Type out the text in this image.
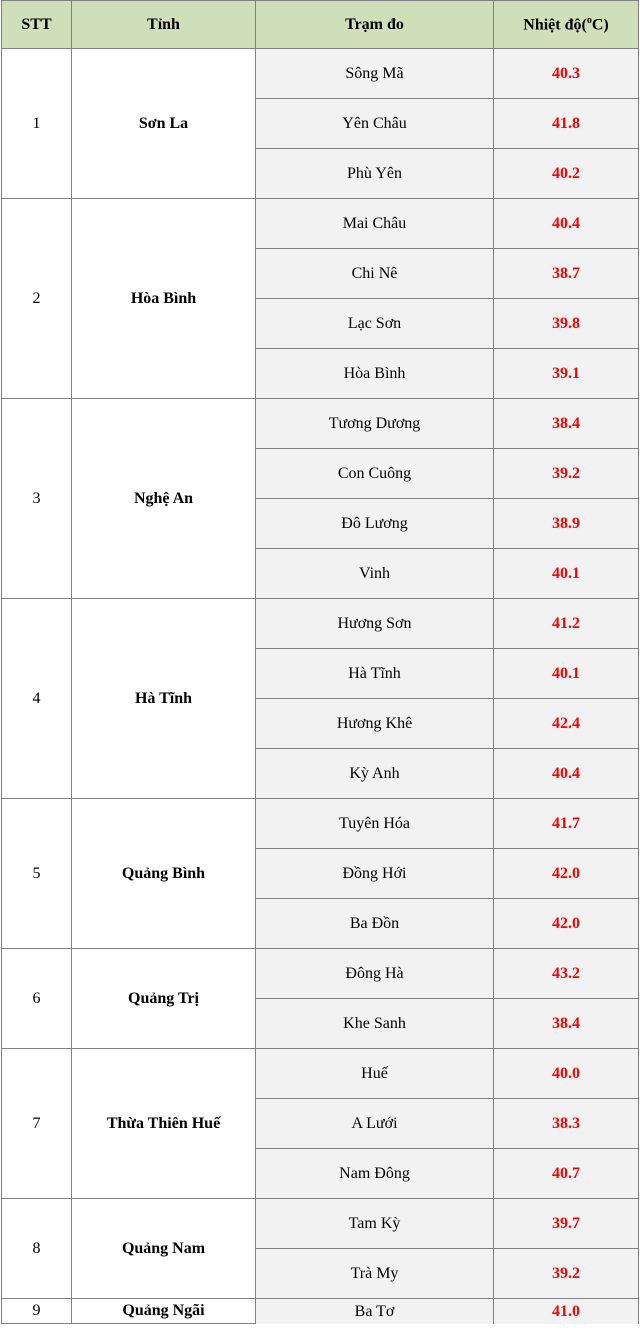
STT	Tỉnh	Trạm đo	Nhiệt độ($^o$C)
1	Sơn La	Sông Mã	40.3
		Yên Châu	41.8
		Phù Yên	40.2
2	Hòa Bình	Mai Châu	40.4
		Chi Nê	38.7
		Lạc Sơn	39.8
		Hòa Bình	39.1
3	Nghệ An	Tương Dương	38.4
		Con Cuông	39.2
		Đô Lương	38.9
		Vinh	40.1
4	Hà Tĩnh	Hương Sơn	41.2
		Hà Tĩnh	40.1
		Hương Khê	42.4
		Kỳ Anh	40.4
5	Quảng Bình	Tuyên Hóa	41.7
		Đồng Hới	42.0
		Ba Đồn	42.0
6	Quảng Trị	Đông Hà	43.2
		Khe Sanh	38.4
7	Thừa Thiên Huế	Huế	40.0
		A Lưới	38.3
		Nam Đông	40.7
8	Quảng Nam	Tam Kỳ	39.7
		Trà My	39.2
9	Quảng Ngãi	Ba Tơ	41.0
